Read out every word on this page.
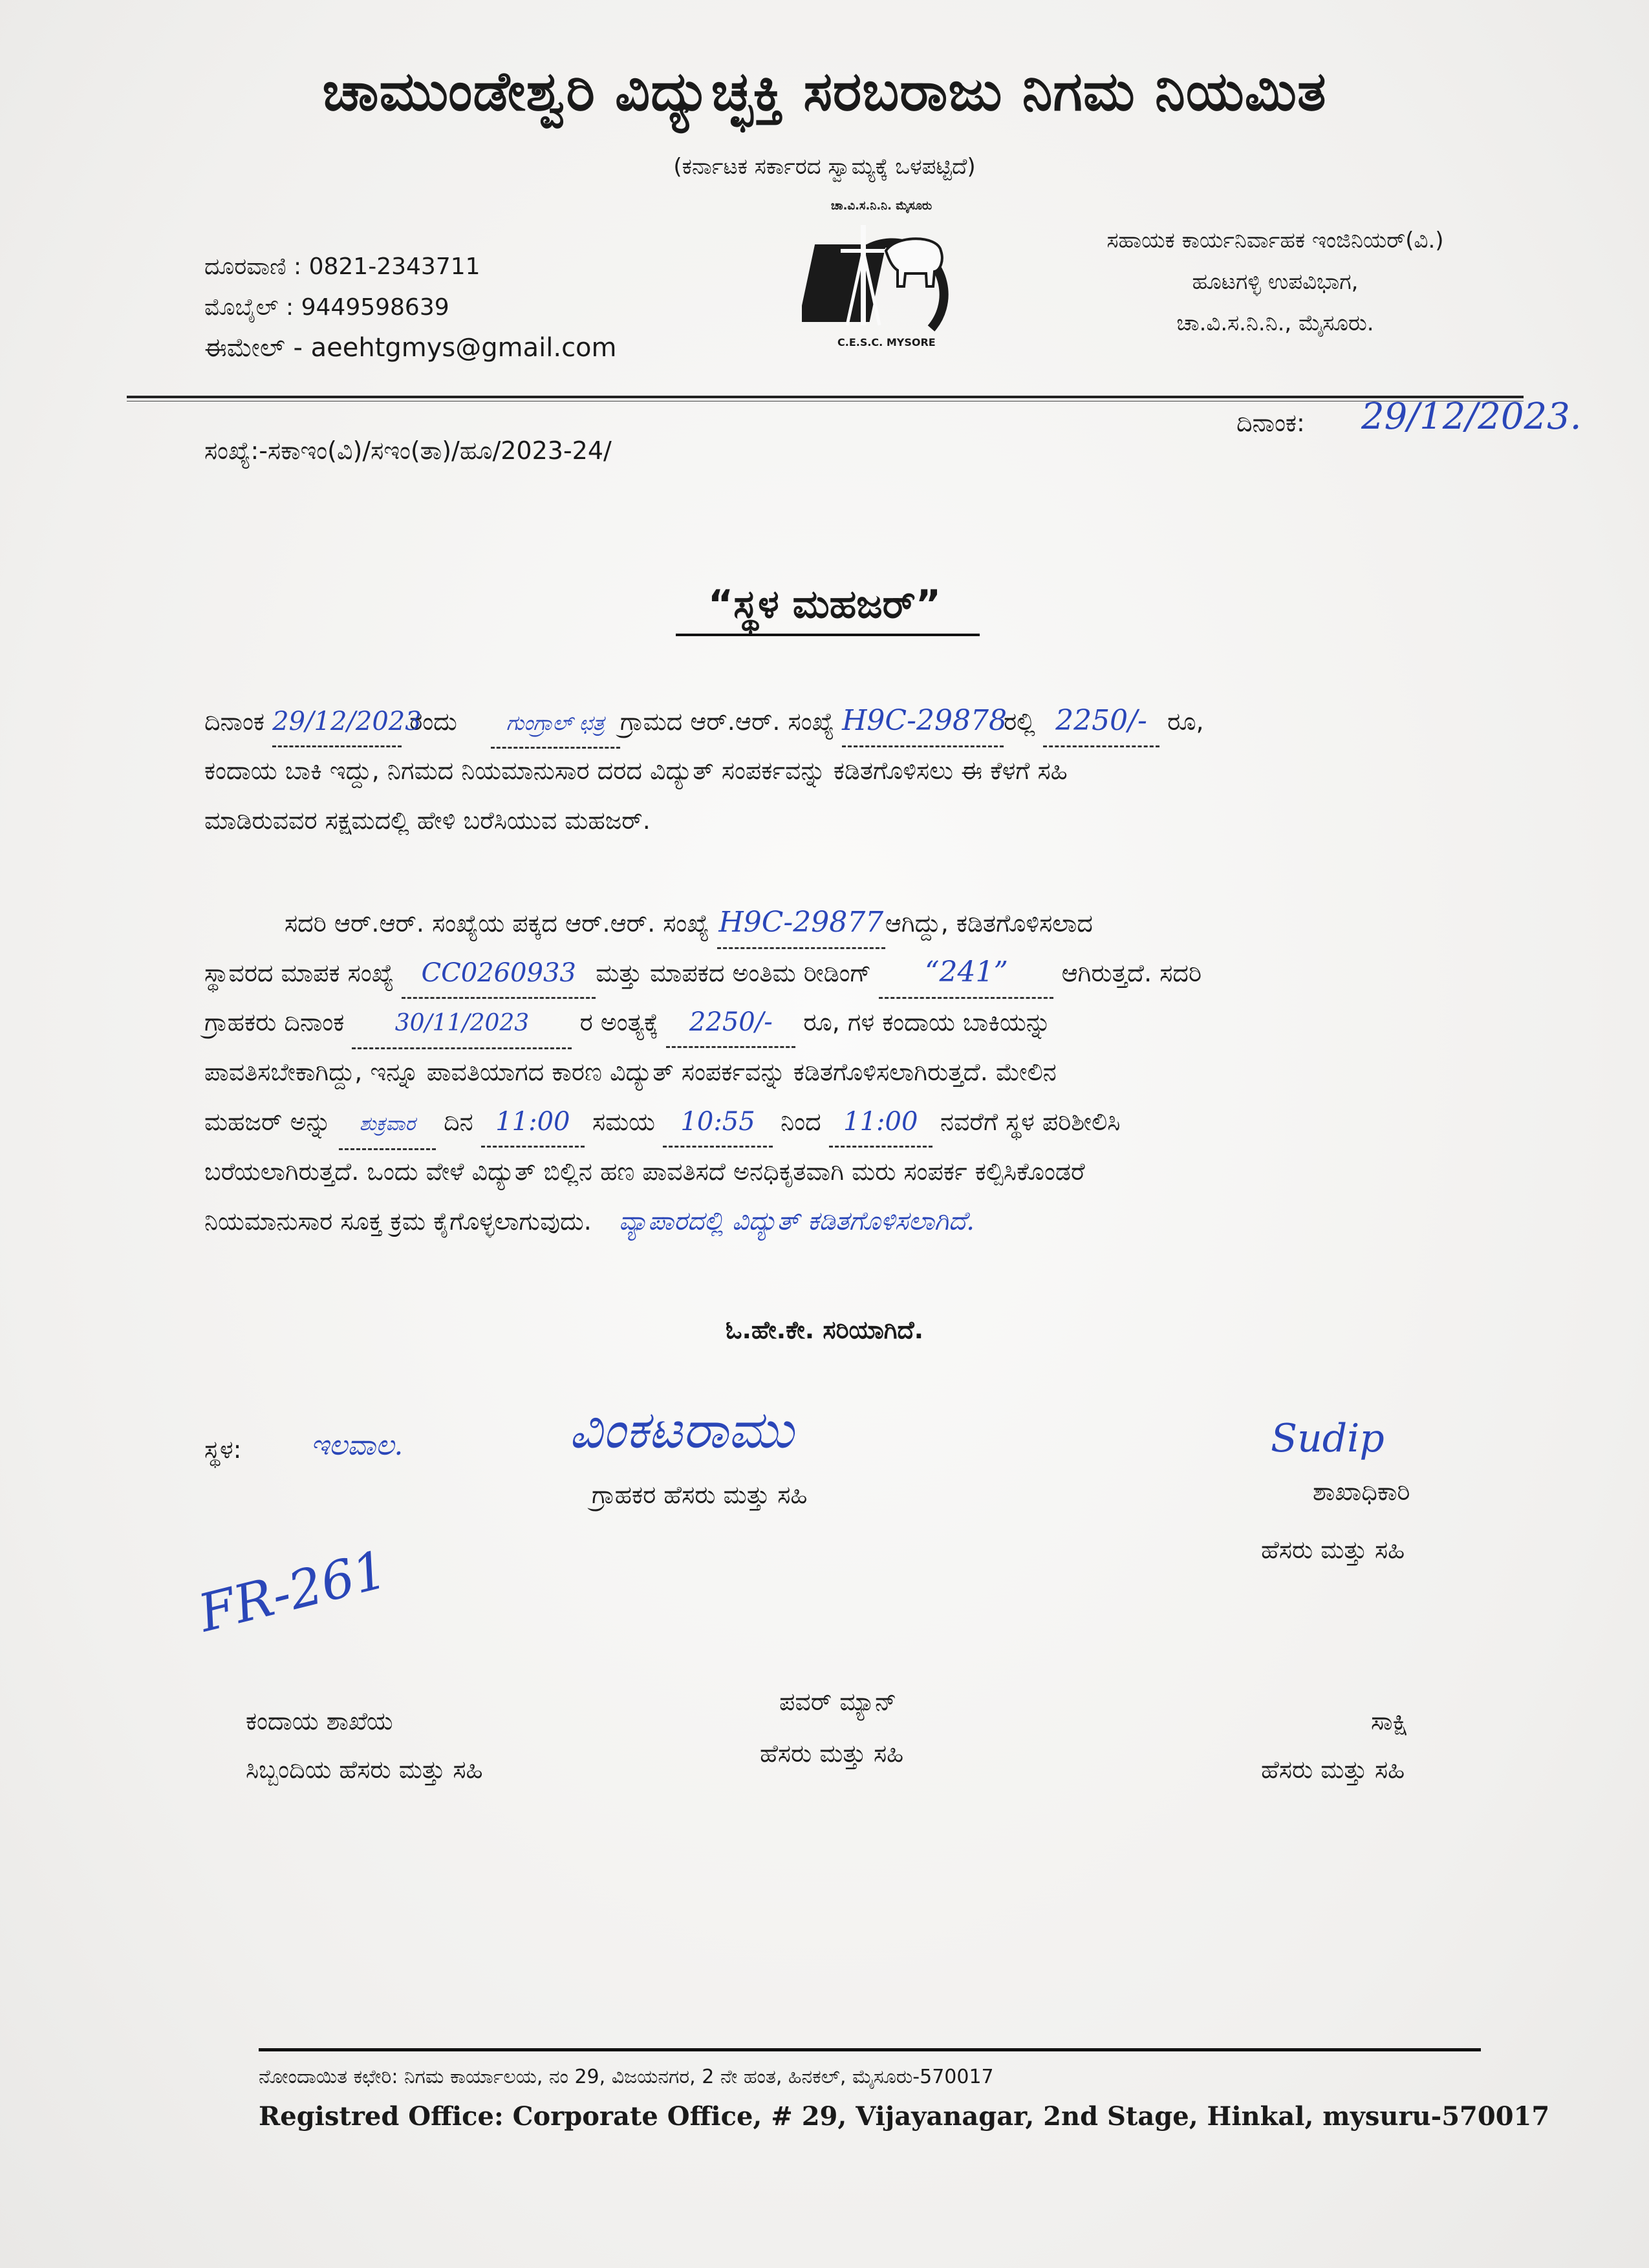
ಚಾಮುಂಡೇಶ್ವರಿ ವಿದ್ಯುಚ್ಛಕ್ತಿ ಸರಬರಾಜು ನಿಗಮ ನಿಯಮಿತ
(ಕರ್ನಾಟಕ ಸರ್ಕಾರದ ಸ್ವಾಮ್ಯಕ್ಕೆ ಒಳಪಟ್ಟಿದೆ)
ದೂರವಾಣಿ : 0821-2343711
ಮೊಬೈಲ್ : 9449598639
ಈಮೇಲ್ - aeehtgmys@gmail.com
ಚಾ.ವಿ.ಸ.ನಿ.ನಿ. ಮೈಸೂರು
C.E.S.C. MYSORE
ಸಹಾಯಕ ಕಾರ್ಯನಿರ್ವಾಹಕ ಇಂಜಿನಿಯರ್(ವಿ.)
ಹೂಟಗಳ್ಳಿ ಉಪವಿಭಾಗ,
ಚಾ.ವಿ.ಸ.ನಿ.ನಿ., ಮೈಸೂರು.
ಸಂಖ್ಯೆ:-ಸಕಾಇಂ(ವಿ)/ಸಇಂ(ತಾ)/ಹೂ/2023-24/
ದಿನಾಂಕ: 29/12/2023.
“ಸ್ಥಳ ಮಹಜರ್”
ದಿನಾಂಕ 29/12/2023 ರಂದು ಗುಂಗ್ರಾಲ್ ಛತ್ರ ಗ್ರಾಮದ ಆರ್.ಆರ್. ಸಂಖ್ಯೆ H9C-29878ರಲ್ಲಿ 2250/- ರೂ,
ಕಂದಾಯ ಬಾಕಿ ಇದ್ದು, ನಿಗಮದ ನಿಯಮಾನುಸಾರ ದರದ ವಿದ್ಯುತ್ ಸಂಪರ್ಕವನ್ನು ಕಡಿತಗೊಳಿಸಲು ಈ ಕೆಳಗೆ ಸಹಿ
ಮಾಡಿರುವವರ ಸಕ್ಷಮದಲ್ಲಿ ಹೇಳಿ ಬರೆಸಿಯುವ ಮಹಜರ್.
ಸದರಿ ಆರ್.ಆರ್. ಸಂಖ್ಯೆಯ ಪಕ್ಕದ ಆರ್.ಆರ್. ಸಂಖ್ಯೆ H9C-29877ಆಗಿದ್ದು, ಕಡಿತಗೊಳಿಸಲಾದ
ಸ್ಥಾವರದ ಮಾಪಕ ಸಂಖ್ಯೆ CC0260933 ಮತ್ತು ಮಾಪಕದ ಅಂತಿಮ ರೀಡಿಂಗ್ “241” ಆಗಿರುತ್ತದೆ. ಸದರಿ
ಗ್ರಾಹಕರು ದಿನಾಂಕ 30/11/2023 ರ ಅಂತ್ಯಕ್ಕೆ 2250/- ರೂ, ಗಳ ಕಂದಾಯ ಬಾಕಿಯನ್ನು
ಪಾವತಿಸಬೇಕಾಗಿದ್ದು, ಇನ್ನೂ ಪಾವತಿಯಾಗದ ಕಾರಣ ವಿದ್ಯುತ್ ಸಂಪರ್ಕವನ್ನು ಕಡಿತಗೊಳಿಸಲಾಗಿರುತ್ತದೆ. ಮೇಲಿನ
ಮಹಜರ್ ಅನ್ನು ಶುಕ್ರವಾರ ದಿನ 11:00 ಸಮಯ 10:55 ನಿಂದ 11:00 ನವರೆಗೆ ಸ್ಥಳ ಪರಿಶೀಲಿಸಿ
ಬರೆಯಲಾಗಿರುತ್ತದೆ. ಒಂದು ವೇಳೆ ವಿದ್ಯುತ್ ಬಿಲ್ಲಿನ ಹಣ ಪಾವತಿಸದೆ ಅನಧಿಕೃತವಾಗಿ ಮರು ಸಂಪರ್ಕ ಕಲ್ಪಿಸಿಕೊಂಡರೆ
ನಿಯಮಾನುಸಾರ ಸೂಕ್ತ ಕ್ರಮ ಕೈಗೊಳ್ಳಲಾಗುವುದು. ವ್ಯಾಪಾರದಲ್ಲಿ ವಿದ್ಯುತ್ ಕಡಿತಗೊಳಿಸಲಾಗಿದೆ.
ಓ.ಹೇ.ಕೇ. ಸರಿಯಾಗಿದೆ.
ಸ್ಥಳ: ಇಲವಾಲ.	ವಿಂಕಟರಾಮು
ಗ್ರಾಹಕರ ಹೆಸರು ಮತ್ತು ಸಹಿ
Sudip
ಶಾಖಾಧಿಕಾರಿ
ಹೆಸರು ಮತ್ತು ಸಹಿ
FR-261
ಕಂದಾಯ ಶಾಖೆಯ
ಸಿಬ್ಬಂದಿಯ ಹೆಸರು ಮತ್ತು ಸಹಿ
ಪವರ್ ಮ್ಯಾನ್
ಹೆಸರು ಮತ್ತು ಸಹಿ
ಸಾಕ್ಷಿ
ಹೆಸರು ಮತ್ತು ಸಹಿ
ನೋಂದಾಯಿತ ಕಛೇರಿ: ನಿಗಮ ಕಾರ್ಯಾಲಯ, ನಂ 29, ವಿಜಯನಗರ, 2 ನೇ ಹಂತ, ಹಿನಕಲ್, ಮೈಸೂರು-570017
Registred Office: Corporate Office, # 29, Vijayanagar, 2nd Stage, Hinkal, mysuru-570017
